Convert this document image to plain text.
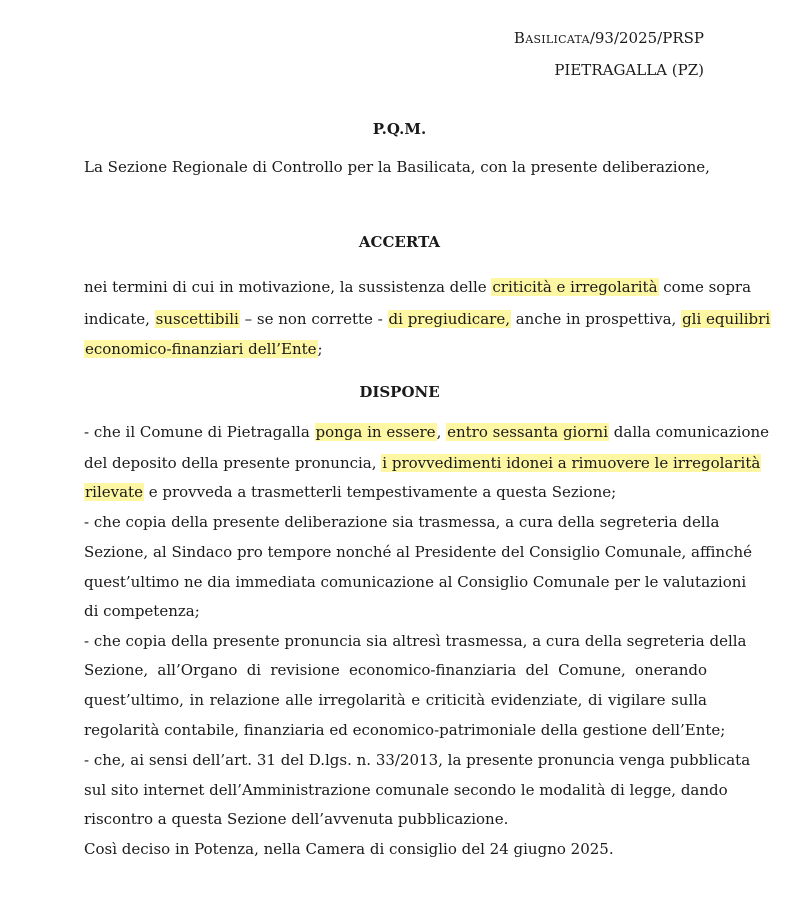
Basilicata/93/2025/PRSP

PIETRAGALLA (PZ)

P.Q.M.

La Sezione Regionale di Controllo per la Basilicata, con la presente deliberazione,

ACCERTA

nei termini di cui in motivazione, la sussistenza delle criticità e irregolarità come sopra

indicate, suscettibili – se non corrette - di pregiudicare, anche in prospettiva, gli equilibri

economico-finanziari dell’Ente;

DISPONE

- che il Comune di Pietragalla ponga in essere, entro sessanta giorni dalla comunicazione

del deposito della presente pronuncia, i provvedimenti idonei a rimuovere le irregolarità

rilevate e provveda a trasmetterli tempestivamente a questa Sezione;

- che copia della presente deliberazione sia trasmessa, a cura della segreteria della

Sezione, al Sindaco pro tempore nonché al Presidente del Consiglio Comunale, affinché

quest’ultimo ne dia immediata comunicazione al Consiglio Comunale per le valutazioni

di competenza;

- che copia della presente pronuncia sia altresì trasmessa, a cura della segreteria della

Sezione, all’Organo di revisione economico-finanziaria del Comune, onerando

quest’ultimo, in relazione alle irregolarità e criticità evidenziate, di vigilare sulla

regolarità contabile, finanziaria ed economico-patrimoniale della gestione dell’Ente;

- che, ai sensi dell’art. 31 del D.lgs. n. 33/2013, la presente pronuncia venga pubblicata

sul sito internet dell’Amministrazione comunale secondo le modalità di legge, dando

riscontro a questa Sezione dell’avvenuta pubblicazione.

Così deciso in Potenza, nella Camera di consiglio del 24 giugno 2025.
